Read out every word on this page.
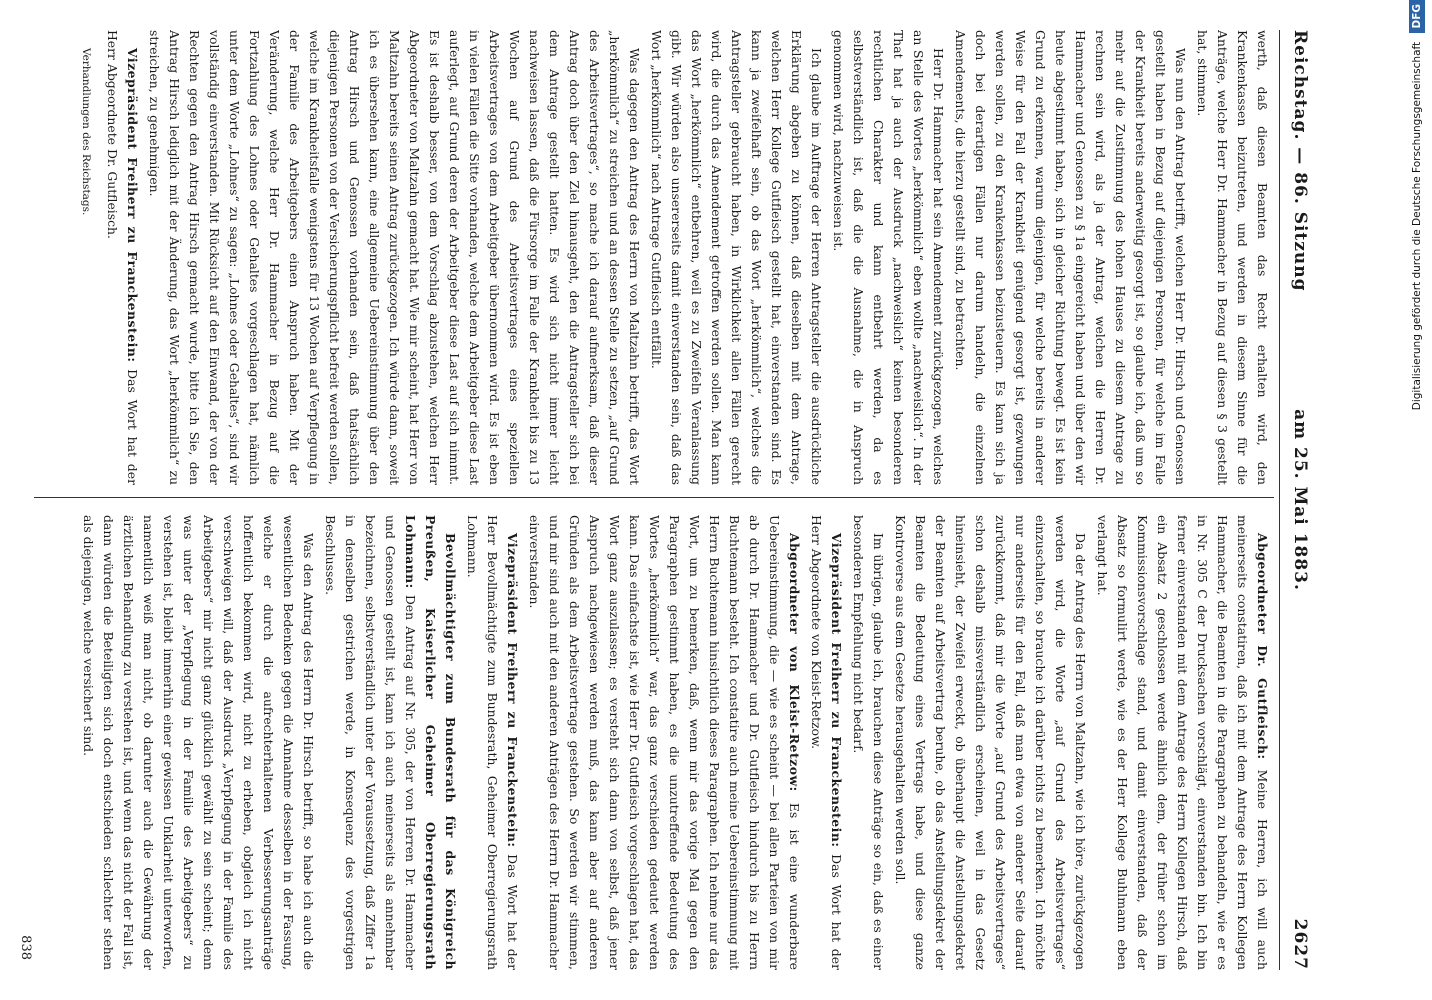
Reichstag. — 86. Sitzung
am 25. Mai 1883.
2627

werth, daß diesen Beamten das Recht erhalten wird, den Krankenkassen beizutreten, und werden in diesem Sinne für die Anträge, welche Herr Dr. Hammacher in Bezug auf diesen § 3 gestellt hat, stimmen.

Was nun den Antrag betrifft, welchen Herr Dr. Hirsch und Genossen gestellt haben in Bezug auf diejenigen Personen, für welche im Falle der Krankheit bereits anderweitig gesorgt ist, so glaube ich, daß um so mehr auf die Zustimmung des hohen Hauses zu diesem Antrage zu rechnen sein wird, als ja der Antrag, welchen die Herren Dr. Hammacher und Genossen zu § 1a eingereicht haben und über den wir heute abgestimmt haben, sich in gleicher Richtung bewegt. Es ist kein Grund zu erkennen, warum diejenigen, für welche bereits in anderer Weise für den Fall der Krankheit genügend gesorgt ist, gezwungen werden sollen, zu den Krankenkassen beizusteuern. Es kann sich ja doch bei derartigen Fällen nur darum handeln, die einzelnen Amendements, die hierzu gestellt sind, zu betrachten.

Herr Dr. Hammacher hat sein Amendement zurückgezogen, welches an Stelle des Wortes „herkömmlich“ eben wollte „nachweislich“. In der That hat ja auch der Ausdruck „nachweislich“ keinen besonderen rechtlichen Charakter und kann entbehrt werden, da es selbstverständlich ist, daß die die Ausnahme, die in Anspruch genommen wird, nachzuweisen ist.

Ich glaube im Auftrage der Herren Antragsteller die ausdrückliche Erklärung abgeben zu können, daß dieselben mit dem Antrage, welchen Herr Kollege Gutfleisch gestellt hat, einverstanden sind. Es kann ja zweifelhaft sein, ob das Wort „herkömmlich“, welches die Antragsteller gebraucht haben, in Wirklichkeit allen Fällen gerecht wird, die durch das Amendement getroffen werden sollen. Man kann das Wort „herkömmlich“ entbehren, weil es zu Zweifeln Veranlassung gibt. Wir würden also unsererseits damit einverstanden sein, daß das Wort „herkömmlich“ nach Antrage Gutfleisch entfällt.

Was dagegen den Antrag des Herrn von Maltzahn betrifft, das Wort „herkömmlich“ zu streichen und an dessen Stelle zu setzen, „auf Grund des Arbeitsvertrages“, so mache ich darauf aufmerksam, daß dieser Antrag doch über den Ziel hinausgeht, den die Antragsteller sich bei dem Antrage gestellt hatten. Es wird sich nicht immer leicht nachweisen lassen, daß die Fürsorge im Falle der Krankheit bis zu 13 Wochen auf Grund des Arbeitsvertrages eines speziellen Arbeitsvertrages von dem Arbeitgeber übernommen wird. Es ist eben in vielen Fällen die Sitte vorhanden, welche dem Arbeitgeber diese Last auferlegt, auf Grund deren der Arbeitgeber diese Last auf sich nimmt. Es ist deshalb besser, von dem Vorschlag abzustehen, welchen Herr Abgeordneter von Maltzahn gemacht hat. Wie mir scheint, hat Herr von Maltzahn bereits seinen Antrag zurückgezogen. Ich würde dann, soweit ich es übersehen kann, eine allgemeine Uebereinstimmung über den Antrag Hirsch und Genossen vorhanden sein, daß thatsächlich diejenigen Personen von der Versicherungspflicht befreit werden sollen, welche im Krankheitsfalle wenigstens für 13 Wochen auf Verpflegung in der Familie des Arbeitgebers einen Anspruch haben. Mit der Veränderung, welche Herr Dr. Hammacher in Bezug auf die Fortzahlung des Lohnes oder Gehaltes vorgeschlagen hat, nämlich unter dem Worte „Lohnes“ zu sagen: „Lohnes oder Gehaltes“, sind wir vollständig einverstanden. Mit Rücksicht auf den Einwand, der von der Rechten gegen den Antrag Hirsch gemacht wurde, bitte ich Sie, den Antrag Hirsch lediglich mit der Änderung, das Wort „herkömmlich“ zu streichen, zu genehmigen.

Vizepräsident Freiherr zu Franckenstein: Das Wort hat der Herr Abgeordnete Dr. Gutfleisch.

Verhandlungen des Reichstags.

Abgeordneter Dr. Gutfleisch: Meine Herren, ich will auch meinerseits constatiren, daß ich mit dem Antrage des Herrn Kollegen Hammacher, die Beamten in die Paragraphen zu behandeln, wie er es in Nr. 305 C der Drucksachen vorschlägt, einverstanden bin. Ich bin ferner einverstanden mit dem Antrage des Herrn Kollegen Hirsch, daß ein Absatz 2 geschlossen werde ähnlich dem, der früher schon im Kommissionsvorschlage stand, und damit einverstanden, daß der Absatz so formulirt werde, wie es der Herr Kollege Buhlmann eben verlangt hat.

Da der Antrag des Herrn von Maltzahn, wie ich höre, zurückgezogen werden wird, die Worte „auf Grund des Arbeitsvertrages“ einzuschalten, so brauche ich darüber nichts zu bemerken. Ich möchte nur anderseits für den Fall, daß man etwa von anderer Seite darauf zurückkommt, daß mir die Worte „auf Grund des Arbeitsvertrages“ schon deshalb missverständlich erscheinen, weil in das Gesetz hineinsieht, der Zweifel erweckt, ob überhaupt die Anstellungsdekret der Beamten auf Arbeitsvertrag beruhe, ob das Anstellungsdekret der Beamten die Bedeutung eines Vertrags habe, und diese ganze Kontroverse aus dem Gesetze herausgehalten werden soll.

Im übrigen, glaube ich, brauchen diese Anträge so ein, daß es einer besonderen Empfehlung nicht bedarf.

Vizepräsident Freiherr zu Franckenstein: Das Wort hat der Herr Abgeordnete von Kleist-Retzow.

Abgeordneter von Kleist-Retzow: Es ist eine wunderbare Uebereinstimmung, die — wie es scheint — bei allen Parteien von mir ab durch Dr. Hammacher und Dr. Gutfleisch hindurch bis zu Herrn Buchtemann besteht. Ich constatire auch meine Uebereinstimmung mit Herrn Buchtemann hinsichtlich dieses Paragraphen. Ich nehme nur das Wort, um zu bemerken, daß, wenn mir das vorige Mal gegen den Paragraphen gestimmt haben, es die unzutreffende Bedeutung des Wortes „herkömmlich“ war, das ganz verschieden gedeutet werden kann. Das einfachste ist, wie Herr Dr. Gutfleisch vorgeschlagen hat, das Wort ganz auszulassen; es versteht sich dann von selbst, daß jener Anspruch nachgewiesen werden muß, das kann aber auf anderen Gründen als dem Arbeitsvertrage gestehen. So werden wir stimmen, und mir sind auch mit den anderen Anträgen des Herrn Dr. Hammacher einverstanden.

Vizepräsident Freiherr zu Franckenstein: Das Wort hat der Herr Bevollmächtigte zum Bundesrath, Geheimer Oberregierungsrath Lohmann.

Bevollmächtigter zum Bundesrath für das Königreich Preußen, Kaiserlicher Geheimer Oberregierungsrath Lohmann: Den Antrag auf Nr. 305, der von Herren Dr. Hammacher und Genossen gestellt ist, kann ich auch meinerseits als annehmbar bezeichnen, selbstverständlich unter der Voraussetzung, daß Ziffer 1a in denselben gestrichen werde, in Konsequenz des vorgestrigen Beschlusses.

Was den Antrag des Herrn Dr. Hirsch betrifft, so habe ich auch die wesentlichen Bedenken gegen die Annahme desselben in der Fassung, welche er durch die aufrechterhaltenen Verbesserungsanträge hoffentlich bekommen wird, nicht zu erheben, obgleich ich nicht verschweigen will, daß der Ausdruck „Verpflegung in der Familie des Arbeitgebers“ mir nicht ganz glücklich gewählt zu sein scheint; denn was unter der „Verpflegung in der Familie des Arbeitgebers“ zu verstehen ist, bleibt immerhin einer gewissen Unklarheit unterworfen, namentlich weiß man nicht, ob darunter auch die Gewährung der ärztlichen Behandlung zu verstehen ist, und wenn das nicht der Fall ist, dann würden die Beteiligten sich doch entschieden schlechter stehen als diejenigen, welche versichert sind.

838
Digitalisierung gefördert durch die Deutsche Forschungsgemeinschaft DFG
